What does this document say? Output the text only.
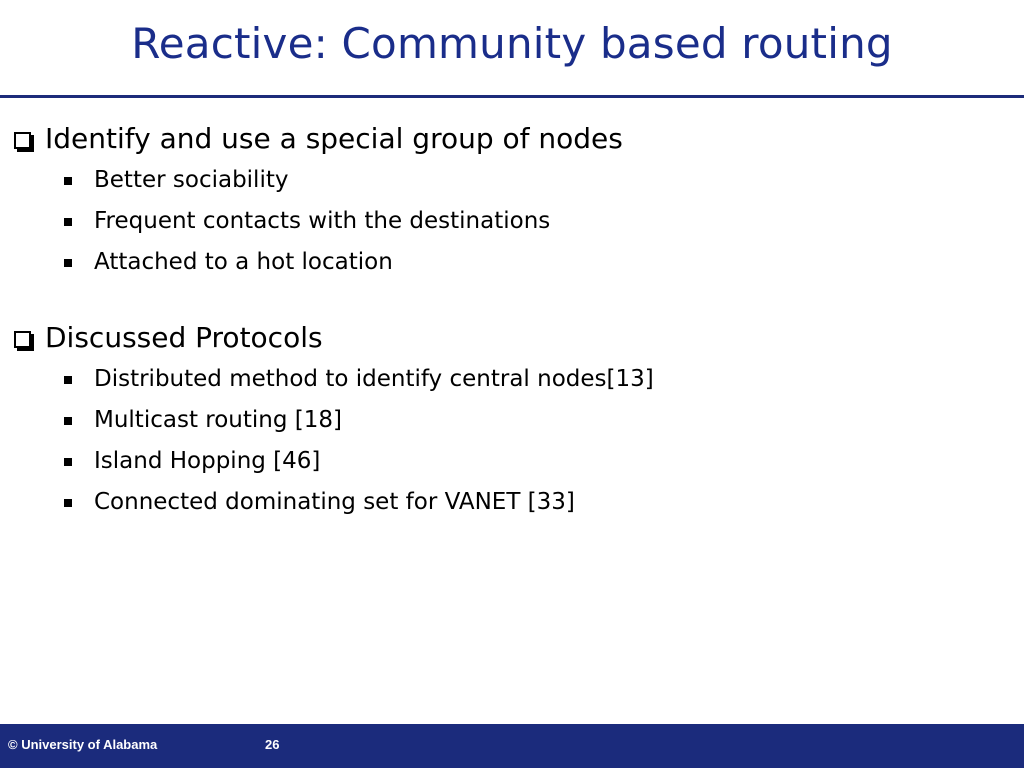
Reactive: Community based routing
Identify and use a special group of nodes
Better sociability
Frequent contacts with the destinations
Attached to a hot location
Discussed Protocols
Distributed method to identify central nodes[13]
Multicast routing [18]
Island Hopping [46]
Connected dominating set for VANET [33]
© University of Alabama	26
